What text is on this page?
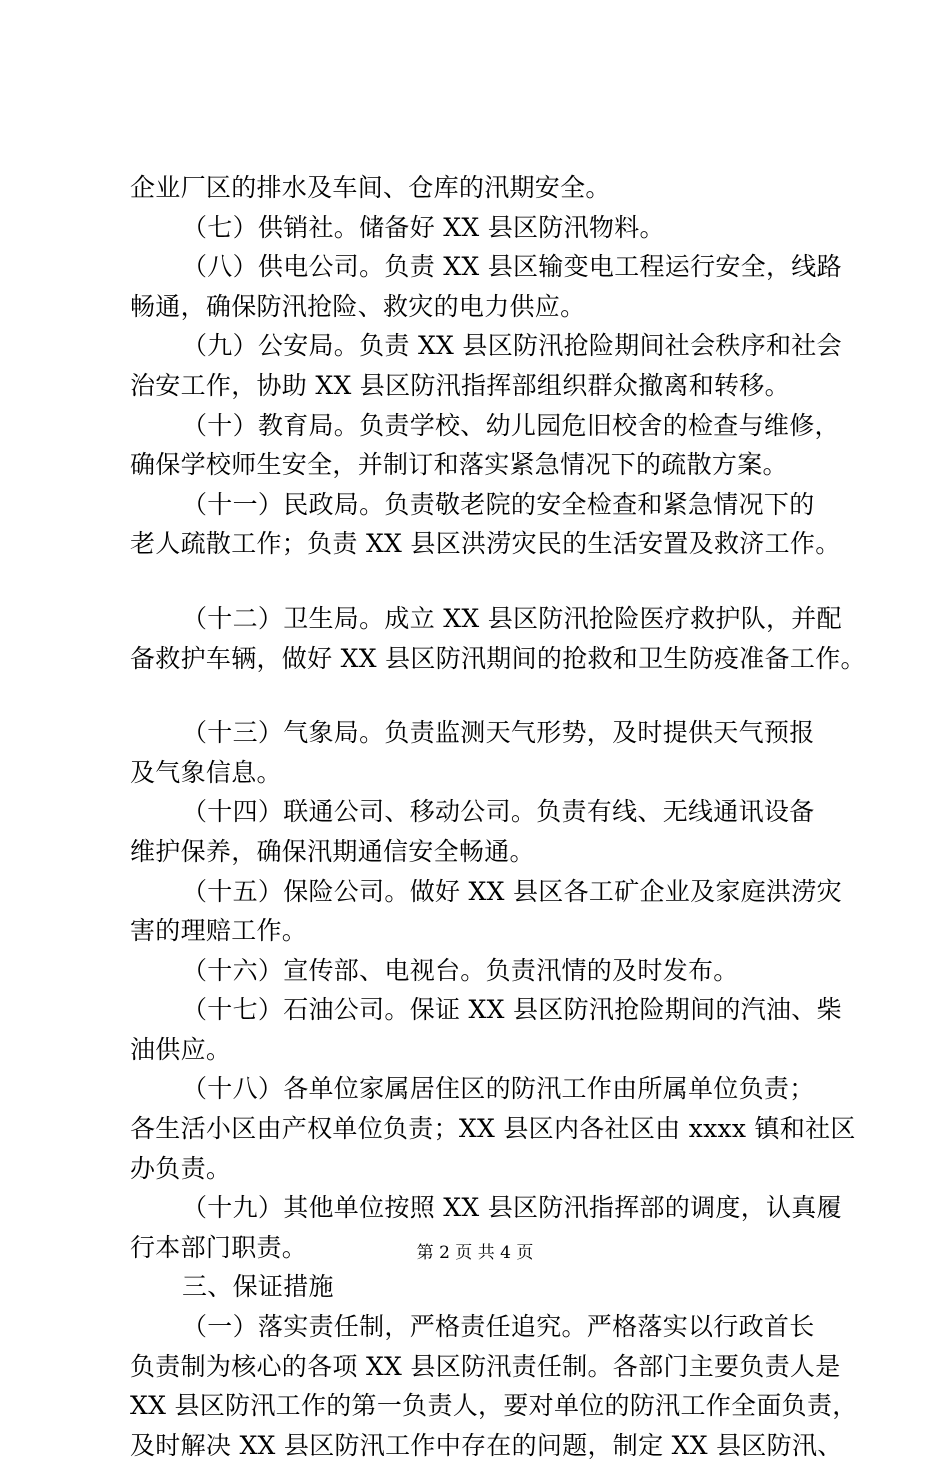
企业厂区的排水及车间、仓库的汛期安全。
（七）供销社。储备好 XX 县区防汛物料。
（八）供电公司。负责 XX 县区输变电工程运行安全，线路
畅通，确保防汛抢险、救灾的电力供应。
（九）公安局。负责 XX 县区防汛抢险期间社会秩序和社会
治安工作，协助 XX 县区防汛指挥部组织群众撤离和转移。
（十）教育局。负责学校、幼儿园危旧校舍的检查与维修，
确保学校师生安全，并制订和落实紧急情况下的疏散方案。
（十一）民政局。负责敬老院的安全检查和紧急情况下的
老人疏散工作；负责 XX 县区洪涝灾民的生活安置及救济工作。
（十二）卫生局。成立 XX 县区防汛抢险医疗救护队，并配
备救护车辆，做好 XX 县区防汛期间的抢救和卫生防疫准备工作。
（十三）气象局。负责监测天气形势，及时提供天气预报
及气象信息。
（十四）联通公司、移动公司。负责有线、无线通讯设备
维护保养，确保汛期通信安全畅通。
（十五）保险公司。做好 XX 县区各工矿企业及家庭洪涝灾
害的理赔工作。
（十六）宣传部、电视台。负责汛情的及时发布。
（十七）石油公司。保证 XX 县区防汛抢险期间的汽油、柴
油供应。
（十八）各单位家属居住区的防汛工作由所属单位负责；
各生活小区由产权单位负责；XX 县区内各社区由 xxxx 镇和社区
办负责。
（十九）其他单位按照 XX 县区防汛指挥部的调度，认真履
行本部门职责。
三、保证措施
（一）落实责任制，严格责任追究。严格落实以行政首长
负责制为核心的各项 XX 县区防汛责任制。各部门主要负责人是
XX 县区防汛工作的第一负责人，要对单位的防汛工作全面负责，
及时解决 XX 县区防汛工作中存在的问题，制定 XX 县区防汛、
第 2 页 共 4 页
